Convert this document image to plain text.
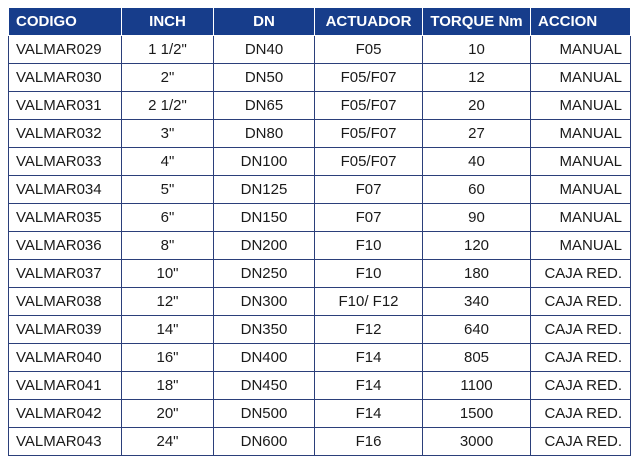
CODIGO	INCH	DN	ACTUADOR	TORQUE Nm	ACCION
VALMAR029	1 1/2"	DN40	F05	10	MANUAL
VALMAR030	2"	DN50	F05/F07	12	MANUAL
VALMAR031	2 1/2"	DN65	F05/F07	20	MANUAL
VALMAR032	3"	DN80	F05/F07	27	MANUAL
VALMAR033	4"	DN100	F05/F07	40	MANUAL
VALMAR034	5"	DN125	F07	60	MANUAL
VALMAR035	6"	DN150	F07	90	MANUAL
VALMAR036	8"	DN200	F10	120	MANUAL
VALMAR037	10"	DN250	F10	180	CAJA RED.
VALMAR038	12"	DN300	F10/ F12	340	CAJA RED.
VALMAR039	14"	DN350	F12	640	CAJA RED.
VALMAR040	16"	DN400	F14	805	CAJA RED.
VALMAR041	18"	DN450	F14	1100	CAJA RED.
VALMAR042	20"	DN500	F14	1500	CAJA RED.
VALMAR043	24"	DN600	F16	3000	CAJA RED.
